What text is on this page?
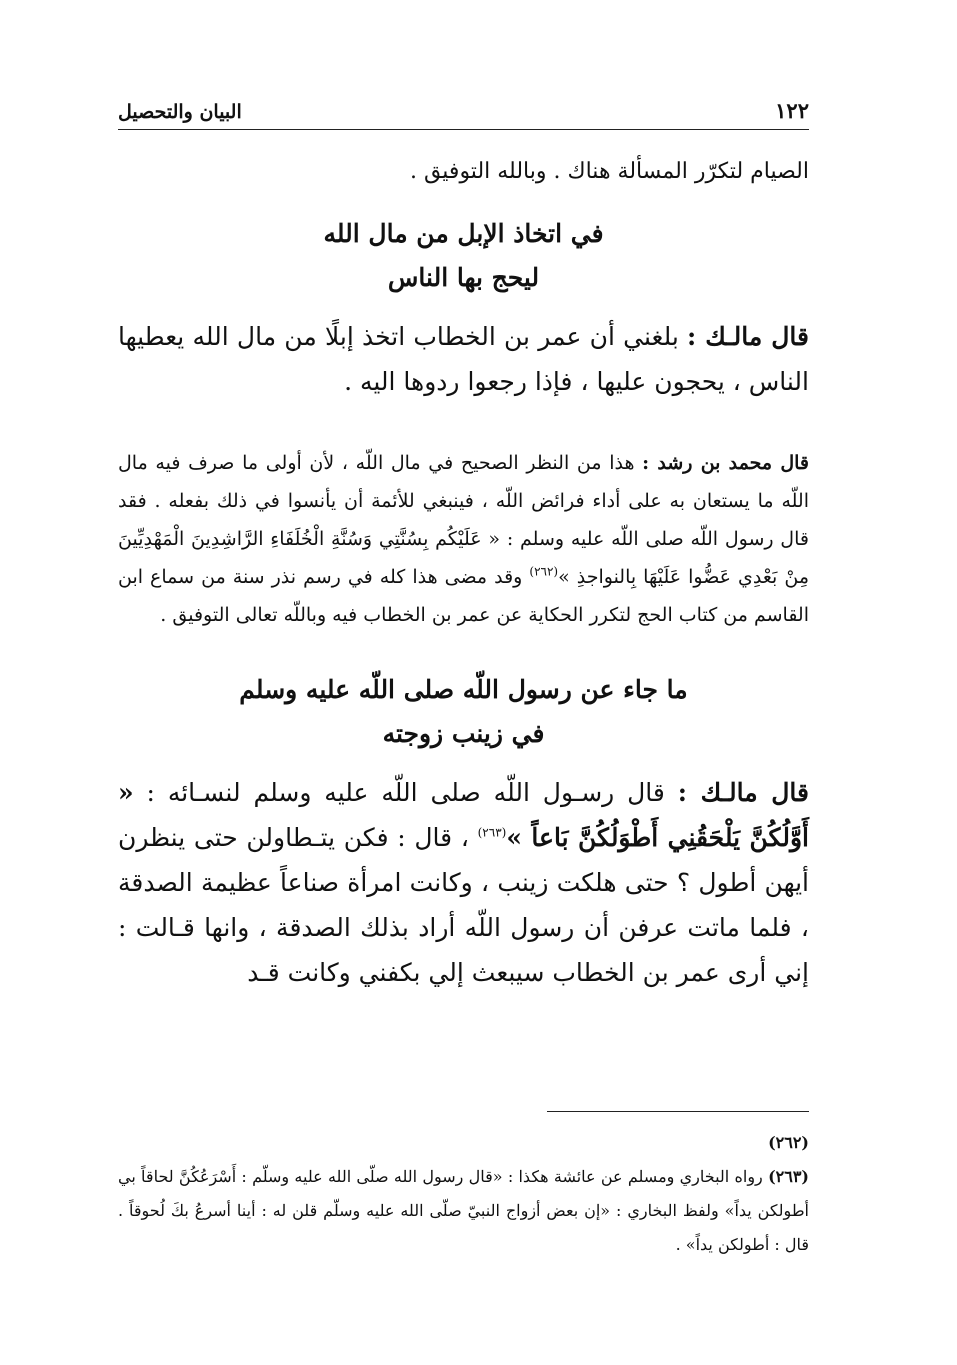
١٢٢
البيان والتحصيل

الصيام لتكرّر المسألة هناك . وبالله التوفيق .

في اتخاذ الإبل من مال الله
ليحج بها الناس

قال مالـك : بلغني أن عمر بن الخطاب اتخذ إبلًا من مال الله يعطيها الناس ، يحجون عليها ، فإذا رجعوا ردوها اليه .

قال محمد بن رشد : هذا من النظر الصحيح في مال اللّه ، لأن أولى ما صرف فيه مال اللّه ما يستعان به على أداء فرائض اللّه ، فينبغي للأئمة أن يأنسوا في ذلك بفعله . فقد قال رسول اللّه صلى اللّه عليه وسلم : « عَلَيْكُم بِسُنَّتِي وَسُنَّةِ الْخُلَفَاءِ الرَّاشِدِينَ الْمَهْدِيِّينَ مِنْ بَعْدِي عَضُّوا عَلَيْهَا بِالنواجذِ »$^{(٢٦٢)}$ وقد مضى هذا كله في رسم نذر سنة من سماع ابن القاسم من كتاب الحج لتكرر الحكاية عن عمر بن الخطاب فيه وباللّه تعالى التوفيق .

ما جاء عن رسول اللّه صلى اللّه عليه وسلم
في زينب زوجته

قال مالـك : قال رسـول اللّه صلى اللّه عليه وسلم لنسـائه : « أَوَّلُكُنَّ يَلْحَقُنِي أَطْوَلُكُنَّ بَاعاً »$^{(٢٦٣)}$ ، قال : فكن يتـطاولن حتى ينظرن أيهن أطول ؟ حتى هلكت زينب ، وكانت امرأة صناعاً عظيمة الصدقة ، فلما ماتت عرفن أن رسول اللّه أراد بذلك الصدقة ، وانها قـالت : إني أرى عمر بن الخطاب سيبعث إلي بكفني وكانت قـد

(٢٦٢)

(٢٦٣) رواه البخاري ومسلم عن عائشة هكذا : «قال رسول الله صلّى الله عليه وسلّم : أَسْرَعُكُنَّ لحاقاً بي أطولكن يداً» ولفظ البخاري : «إن بعض أزواج النبيّ صلّى الله عليه وسلّم قلن له : أينا أسرعُ بكَ لُحوقاً . قال : أطولكن يداً» .
